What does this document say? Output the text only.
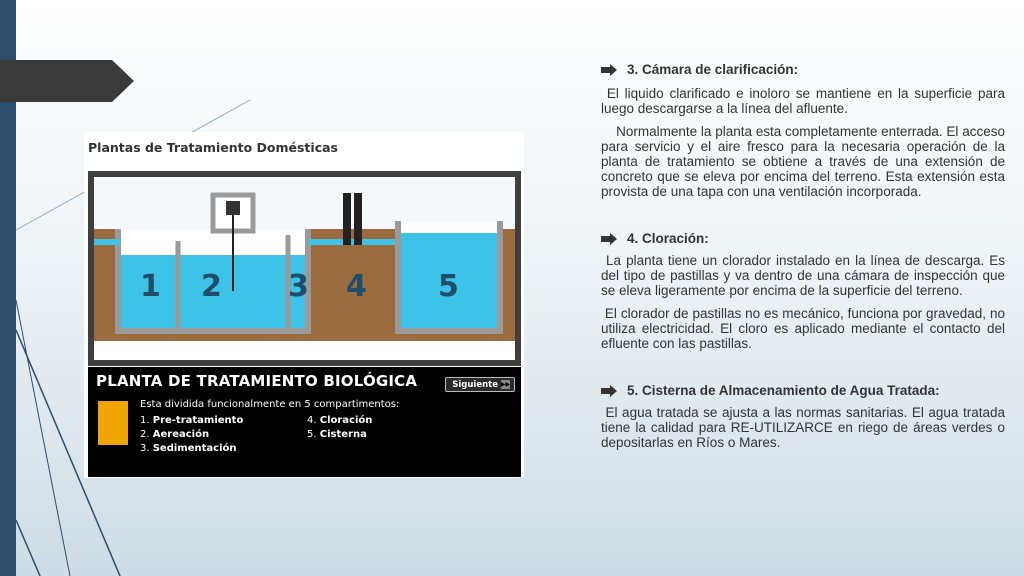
Plantas de Tratamiento Domésticas
1 2 3 4 5
PLANTA DE TRATAMIENTO BIOLÓGICA	Siguiente ▶▶
Esta dividida funcionalmente en 5 compartimentos:
1. Pre-tratamiento
2. Aereación
3. Sedimentación
4. Cloración
5. Cisterna
3. Cámara de clarificación:

El liquido clarificado e inoloro se mantiene en la superficie para luego descargarse a la línea del afluente.

Normalmente la planta esta completamente enterrada. El acceso para servicio y el aire fresco para la necesaria operación de la planta de tratamiento se obtiene a través de una extensión de concreto que se eleva por encima del terreno. Esta extensión esta provista de una tapa con una ventilación incorporada.

4. Cloración:

La planta tiene un clorador instalado en la línea de descarga. Es del tipo de pastillas y va dentro de una cámara de inspección que se eleva ligeramente por encima de la superficie del terreno.

El clorador de pastillas no es mecánico, funciona por gravedad, no utiliza electricidad. El cloro es aplicado mediante el contacto del efluente con las pastillas.

5. Cisterna de Almacenamiento de Agua Tratada:

El agua tratada se ajusta a las normas sanitarias. El agua tratada tiene la calidad para RE-UTILIZARCE en riego de áreas verdes o depositarlas en Ríos o Mares.
